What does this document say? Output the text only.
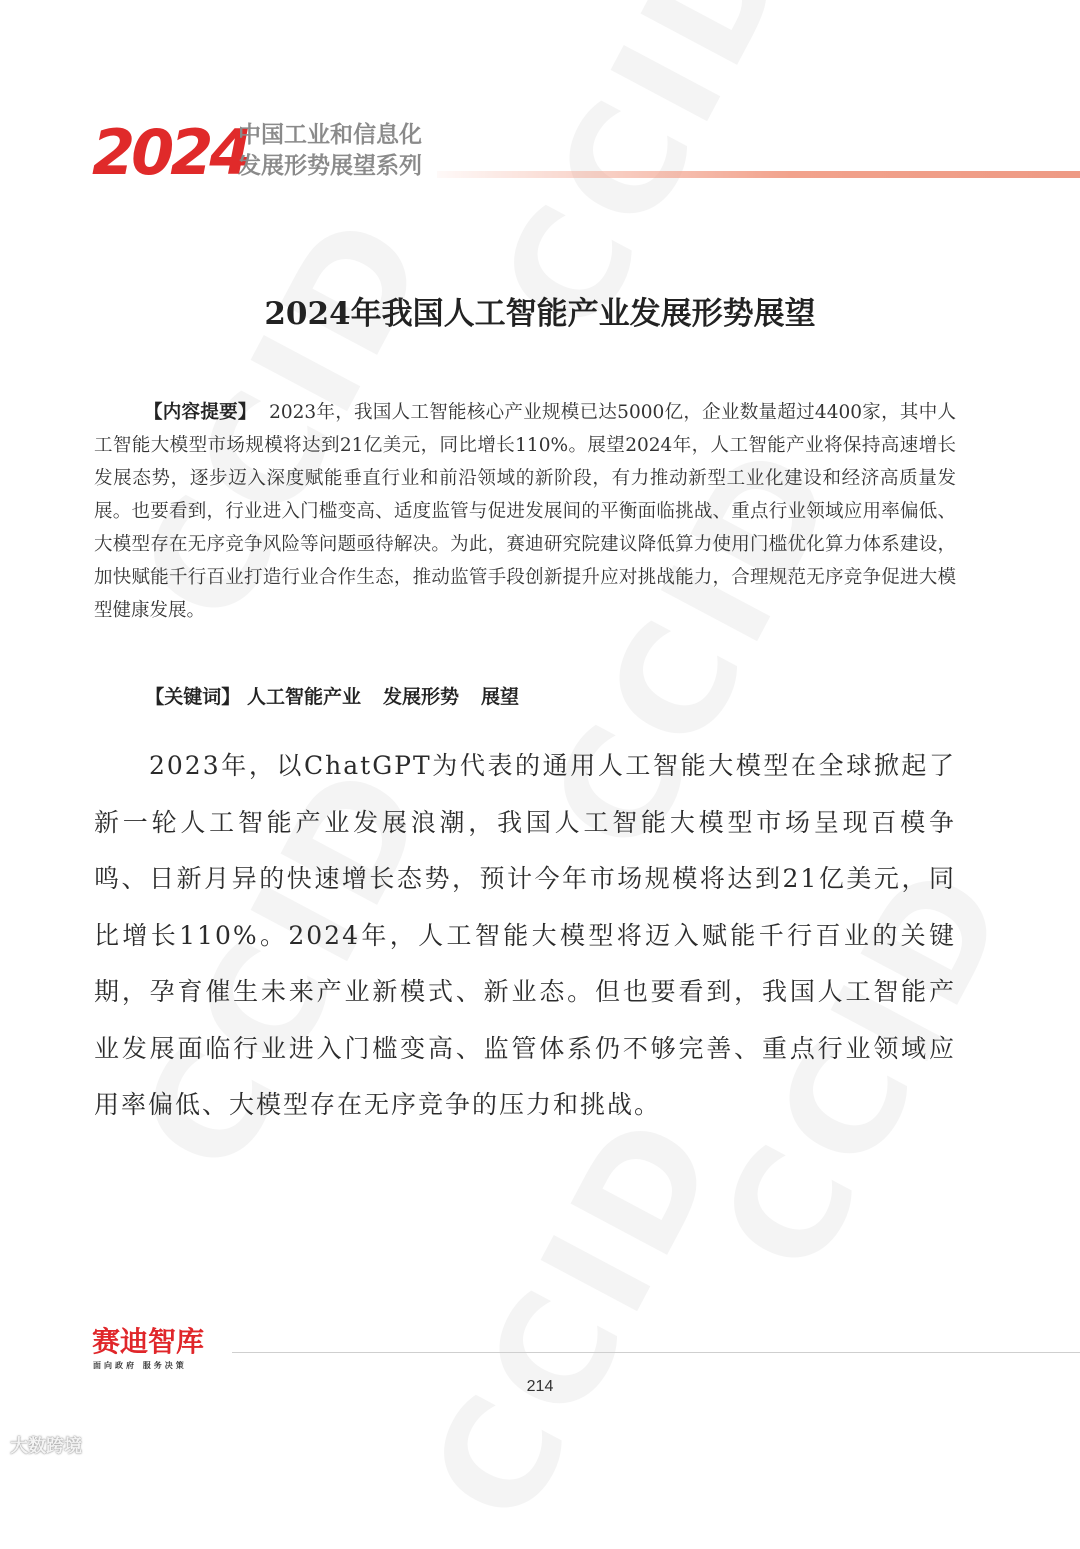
2024
中国工业和信息化
发展形势展望系列
2024年我国人工智能产业发展形势展望

【内容提要】 2023年，我国人工智能核心产业规模已达5000亿，企业数量超过4400家，其中人工智能大模型市场规模将达到21亿美元，同比增长110%。展望2024年，人工智能产业将保持高速增长发展态势，逐步迈入深度赋能垂直行业和前沿领域的新阶段，有力推动新型工业化建设和经济高质量发展。也要看到，行业进入门槛变高、适度监管与促进发展间的平衡面临挑战、重点行业领域应用率偏低、大模型存在无序竞争风险等问题亟待解决。为此，赛迪研究院建议降低算力使用门槛优化算力体系建设，加快赋能千行百业打造行业合作生态，推动监管手段创新提升应对挑战能力，合理规范无序竞争促进大模型健康发展。

【关键词】 人工智能产业 发展形势 展望

2023年，以ChatGPT为代表的通用人工智能大模型在全球掀起了新一轮人工智能产业发展浪潮，我国人工智能大模型市场呈现百模争鸣、日新月异的快速增长态势，预计今年市场规模将达到21亿美元，同比增长110%。2024年，人工智能大模型将迈入赋能千行百业的关键期，孕育催生未来产业新模式、新业态。但也要看到，我国人工智能产业发展面临行业进入门槛变高、监管体系仍不够完善、重点行业领域应用率偏低、大模型存在无序竞争的压力和挑战。

赛迪智库
面向政府 服务决策
214
大数跨境
